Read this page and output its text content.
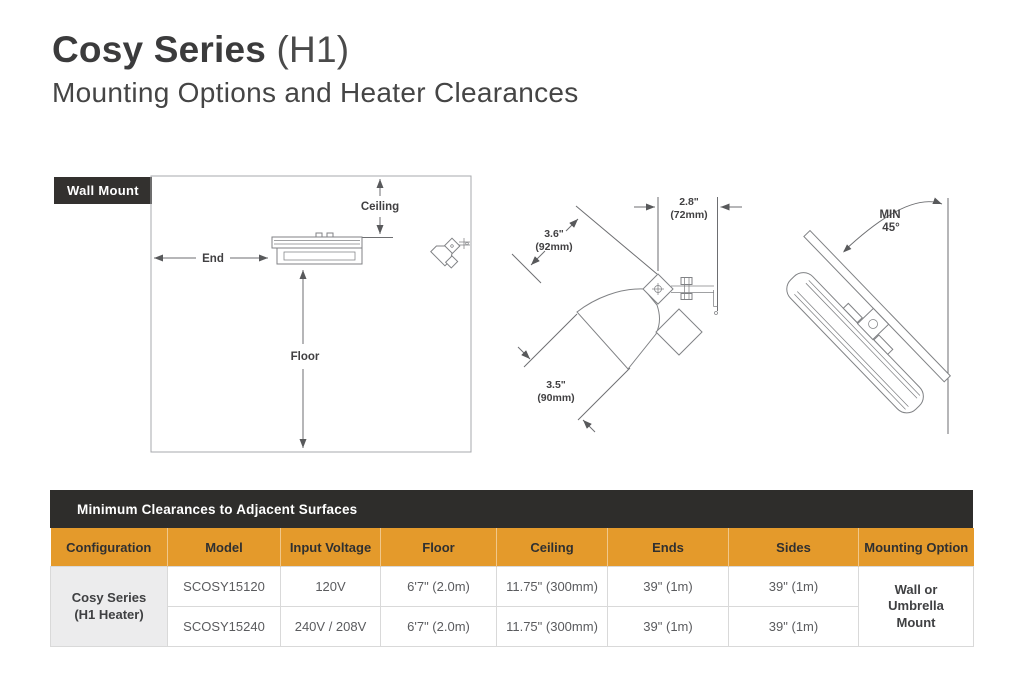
Cosy Series (H1)
Mounting Options and Heater Clearances
Wall Mount
Ceiling
End
Floor
2.8"
(72mm)
3.6"
(92mm)
3.5"
(90mm)
MIN
45°
Minimum Clearances to Adjacent Surfaces
Configuration	Model	Input Voltage	Floor	Ceiling	Ends	Sides	Mounting Option

Cosy Series
(H1 Heater)	SCOSY15120	120V	6'7" (2.0m)	11.75" (300mm)	39" (1m)	39" (1m)	Wall or Umbrella Mount
	SCOSY15240	240V / 208V	6'7" (2.0m)	11.75" (300mm)	39" (1m)	39" (1m)	
